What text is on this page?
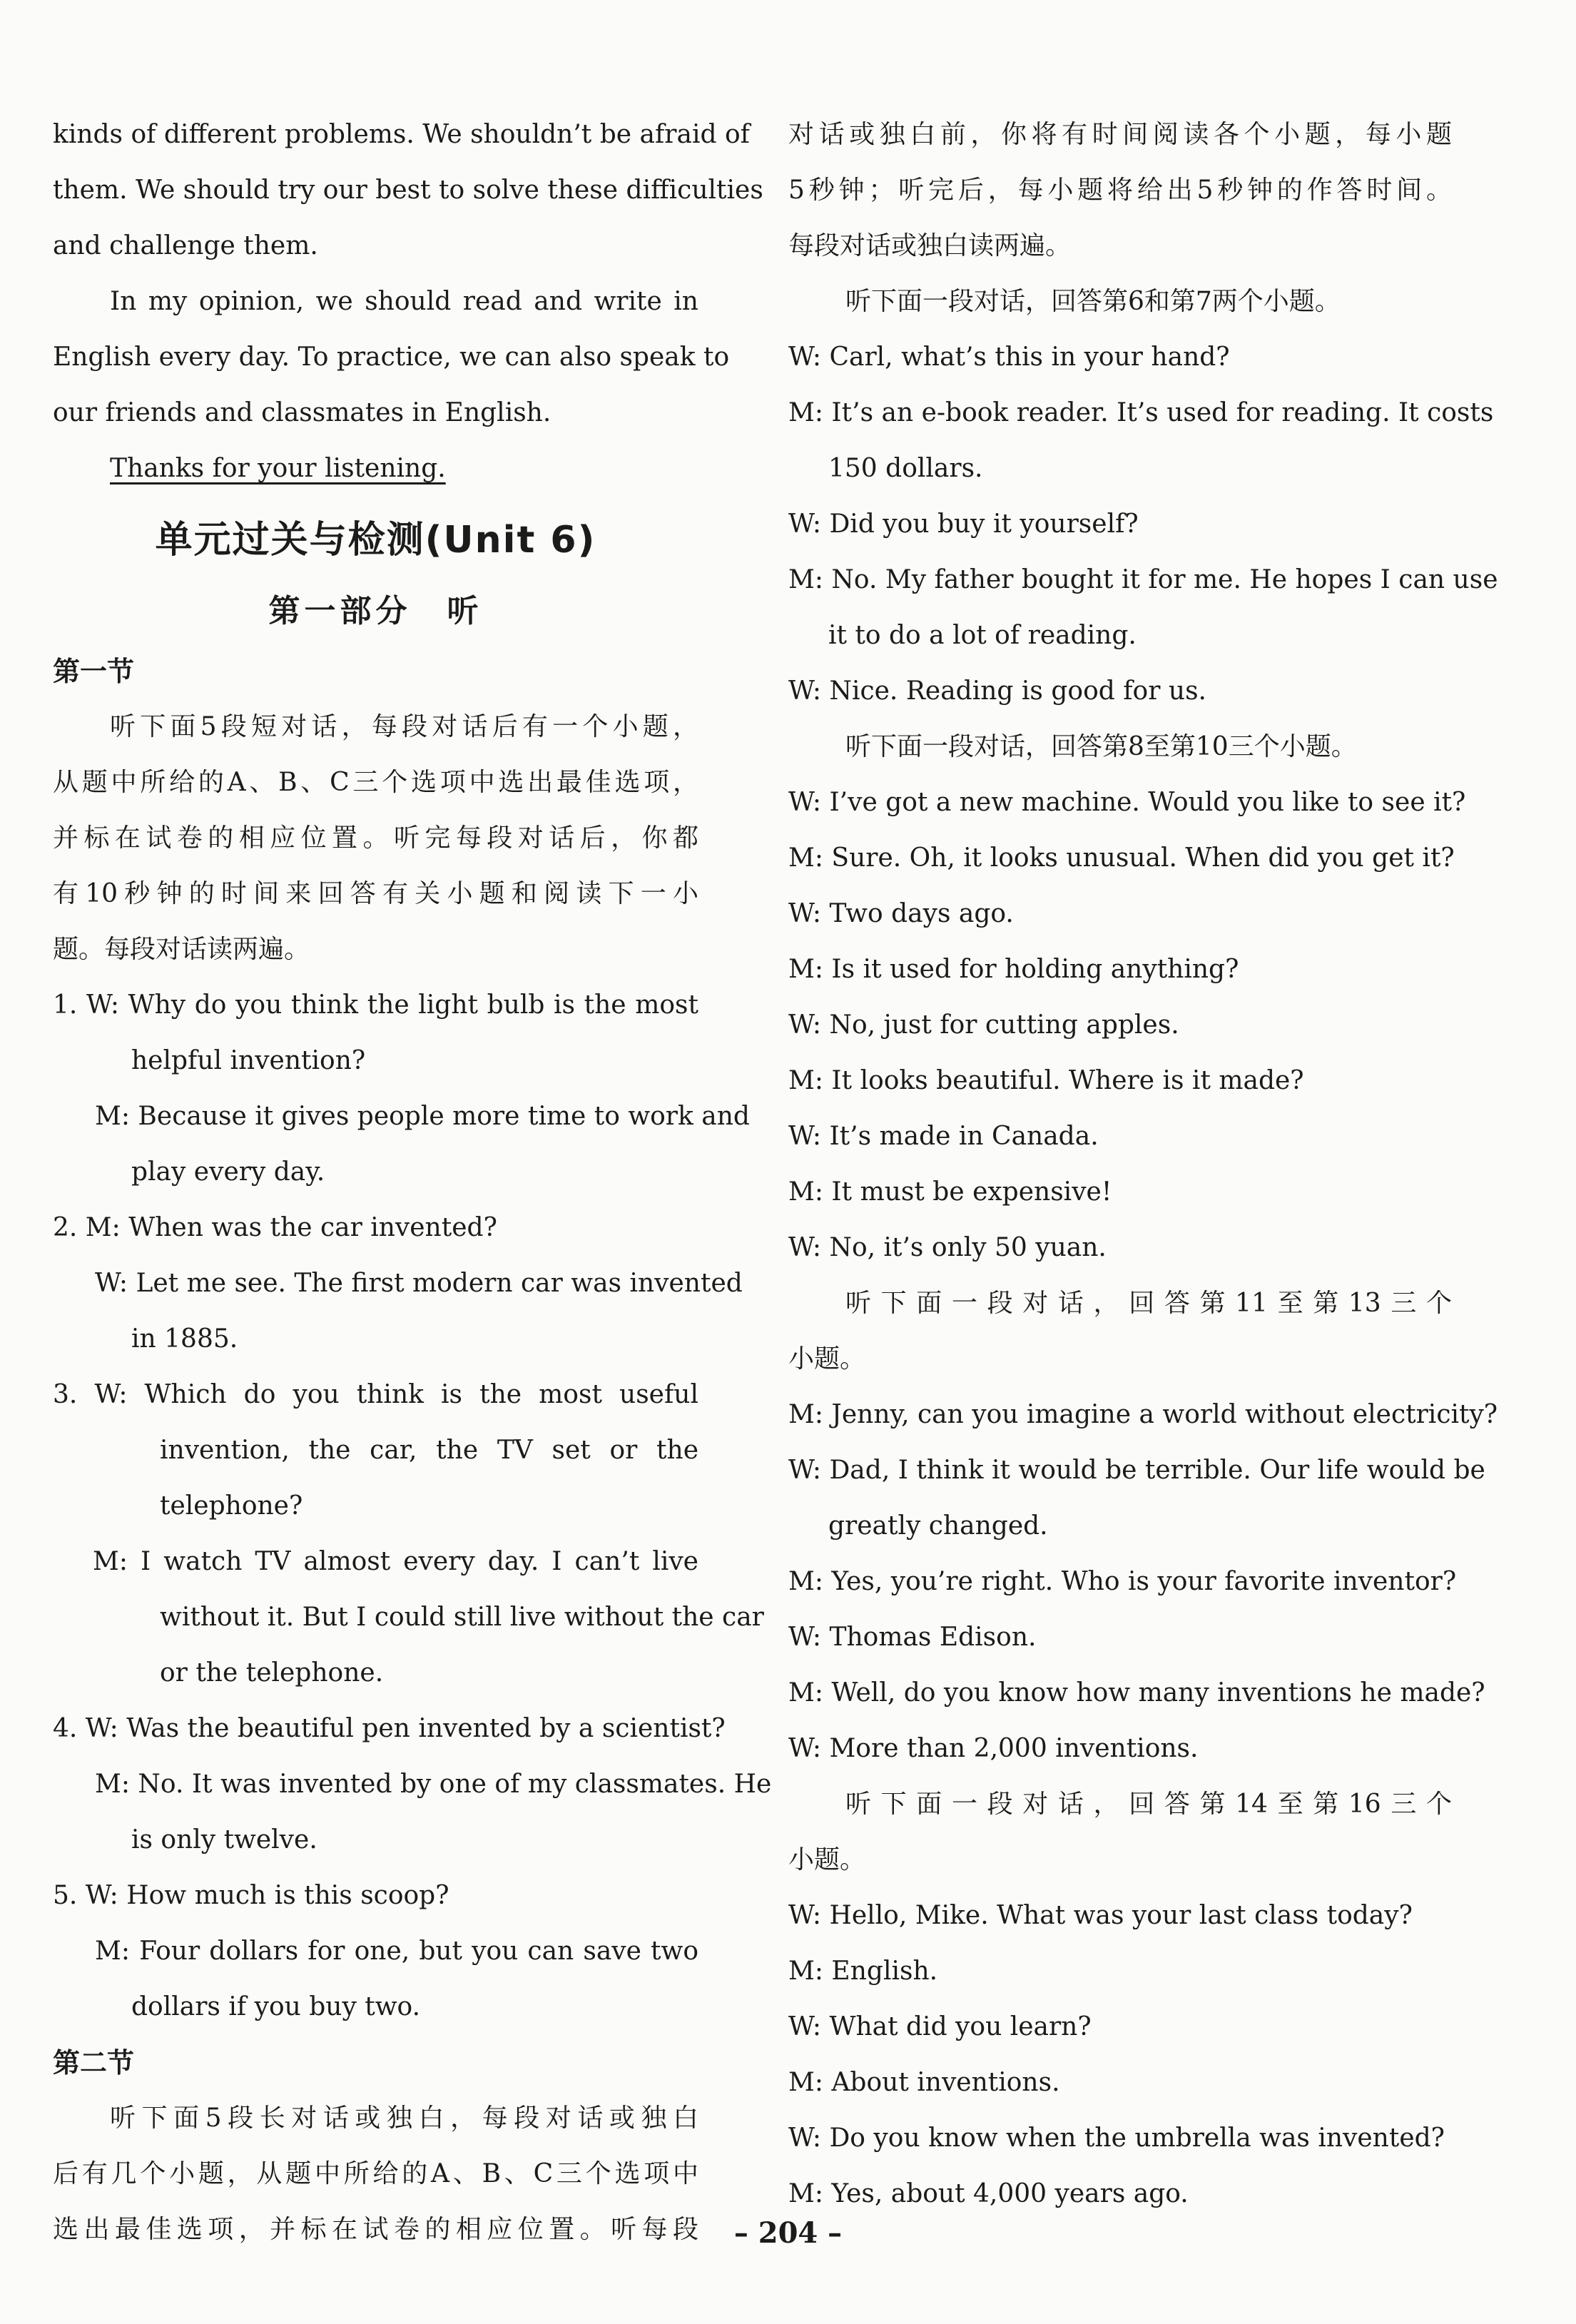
kinds of different problems. We shouldn’t be afraid of
them. We should try our best to solve these difficulties
and challenge them.
In my opinion, we should read and write in
English every day. To practice, we can also speak to
our friends and classmates in English.
Thanks for your listening.
单元过关与检测(Unit 6)
第一部分　听
第一节
听下面5段短对话，每段对话后有一个小题，
从题中所给的A、B、C三个选项中选出最佳选项，
并标在试卷的相应位置。听完每段对话后，你都
有10秒钟的时间来回答有关小题和阅读下一小
题。每段对话读两遍。
1. W: Why do you think the light bulb is the most
helpful invention?
M: Because it gives people more time to work and
play every day.
2. M: When was the car invented?
W: Let me see. The first modern car was invented
in 1885.
3. W: Which do you think is the most useful
invention, the car, the TV set or the
telephone?
M: I watch TV almost every day. I can’t live
without it. But I could still live without the car
or the telephone.
4. W: Was the beautiful pen invented by a scientist?
M: No. It was invented by one of my classmates. He
is only twelve.
5. W: How much is this scoop?
M: Four dollars for one, but you can save two
dollars if you buy two.
第二节
听下面5段长对话或独白，每段对话或独白
后有几个小题，从题中所给的A、B、C三个选项中
选出最佳选项，并标在试卷的相应位置。听每段
对话或独白前，你将有时间阅读各个小题，每小题
5秒钟；听完后，每小题将给出5秒钟的作答时间。
每段对话或独白读两遍。
听下面一段对话，回答第6和第7两个小题。
W: Carl, what’s this in your hand?
M: It’s an e-book reader. It’s used for reading. It costs
150 dollars.
W: Did you buy it yourself?
M: No. My father bought it for me. He hopes I can use
it to do a lot of reading.
W: Nice. Reading is good for us.
听下面一段对话，回答第8至第10三个小题。
W: I’ve got a new machine. Would you like to see it?
M: Sure. Oh, it looks unusual. When did you get it?
W: Two days ago.
M: Is it used for holding anything?
W: No, just for cutting apples.
M: It looks beautiful. Where is it made?
W: It’s made in Canada.
M: It must be expensive!
W: No, it’s only 50 yuan.
听下面一段对话，回答第11至第13三个
小题。
M: Jenny, can you imagine a world without electricity?
W: Dad, I think it would be terrible. Our life would be
greatly changed.
M: Yes, you’re right. Who is your favorite inventor?
W: Thomas Edison.
M: Well, do you know how many inventions he made?
W: More than 2,000 inventions.
听下面一段对话，回答第14至第16三个
小题。
W: Hello, Mike. What was your last class today?
M: English.
W: What did you learn?
M: About inventions.
W: Do you know when the umbrella was invented?
M: Yes, about 4,000 years ago.
– 204 –
